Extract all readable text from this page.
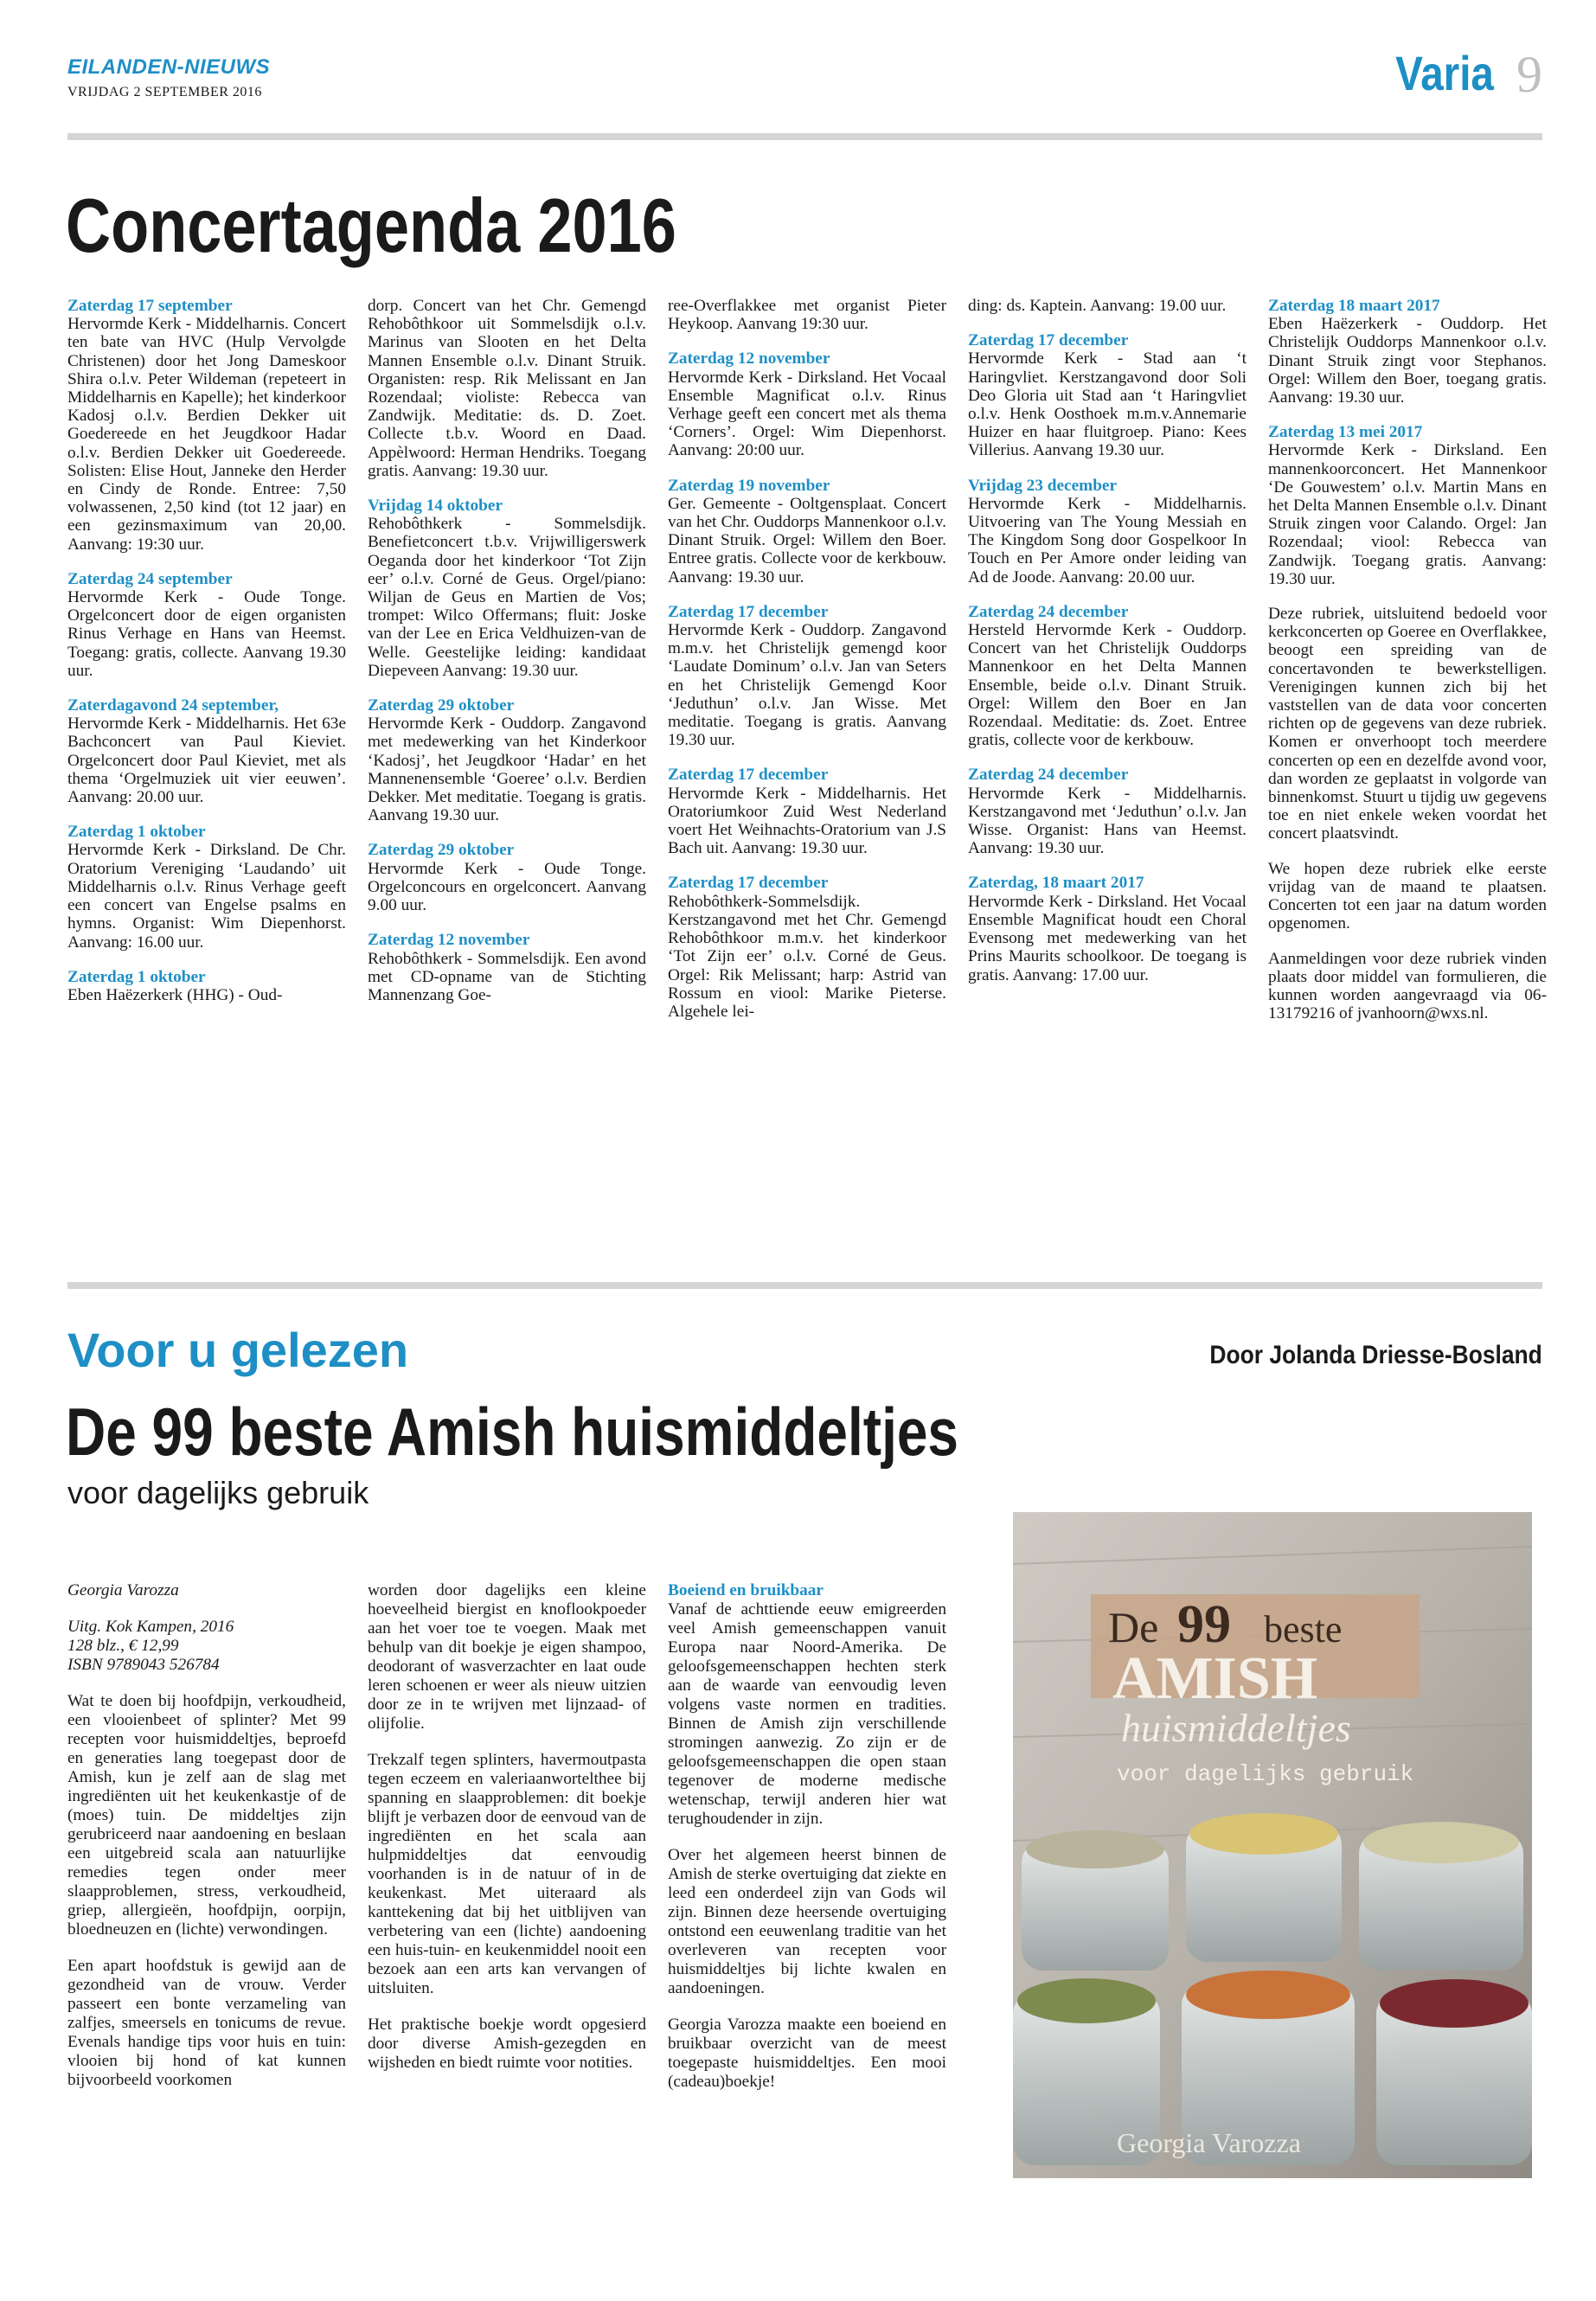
EILANDEN-NIEUWS
VRIJDAG 2 SEPTEMBER 2016	Varia 9
Concertagenda 2016

Zaterdag 17 september
Hervormde Kerk - Middelharnis. Concert ten bate van HVC (Hulp Vervolgde Christenen) door het Jong Dameskoor Shira o.l.v. Peter Wildeman (repeteert in Middelharnis en Kapelle); het kinderkoor Kadosj o.l.v. Berdien Dekker uit Goedereede en het Jeugdkoor Hadar o.l.v. Berdien Dekker uit Goedereede. Solisten: Elise Hout, Janneke den Herder en Cindy de Ronde. Entree: 7,50 volwassenen, 2,50 kind (tot 12 jaar) en een gezinsmaximum van 20,00. Aanvang: 19:30 uur.

Zaterdag 24 september
Hervormde Kerk - Oude Tonge. Orgelconcert door de eigen organisten Rinus Verhage en Hans van Heemst. Toegang: gratis, collecte. Aanvang 19.30 uur.

Zaterdagavond 24 september,
Hervormde Kerk - Middelharnis. Het 63e Bachconcert van Paul Kieviet. Orgelconcert door Paul Kieviet, met als thema ‘Orgelmuziek uit vier eeuwen’. Aanvang: 20.00 uur.

Zaterdag 1 oktober
Hervormde Kerk - Dirksland. De Chr. Oratorium Vereniging ‘Laudando’ uit Middelharnis o.l.v. Rinus Verhage geeft een concert van Engelse psalms en hymns. Organist: Wim Diepenhorst. Aanvang: 16.00 uur.

Zaterdag 1 oktober
Eben Haëzerkerk (HHG) - Oud-

dorp. Concert van het Chr. Gemengd Rehobôthkoor uit Sommelsdijk o.l.v. Marinus van Slooten en het Delta Mannen Ensemble o.l.v. Dinant Struik. Organisten: resp. Rik Melissant en Jan Rozendaal; violiste: Rebecca van Zandwijk. Meditatie: ds. D. Zoet. Collecte t.b.v. Woord en Daad. Appèlwoord: Herman Hendriks. Toegang gratis. Aanvang: 19.30 uur.

Vrijdag 14 oktober
Rehobôthkerk - Sommelsdijk. Benefietconcert t.b.v. Vrijwilligerswerk Oeganda door het kinderkoor ‘Tot Zijn eer’ o.l.v. Corné de Geus. Orgel/piano: Wiljan de Geus en Martien de Vos; trompet: Wilco Offermans; fluit: Joske van der Lee en Erica Veldhuizen-van de Welle. Geestelijke leiding: kandidaat Diepeveen Aanvang: 19.30 uur.

Zaterdag 29 oktober
Hervormde Kerk - Ouddorp. Zangavond met medewerking van het Kinderkoor ‘Kadosj’, het Jeugdkoor ‘Hadar’ en het Mannenensemble ‘Goeree’ o.l.v. Berdien Dekker. Met meditatie. Toegang is gratis. Aanvang 19.30 uur.

Zaterdag 29 oktober
Hervormde Kerk - Oude Tonge. Orgelconcours en orgelconcert. Aanvang 9.00 uur.

Zaterdag 12 november
Rehobôthkerk - Sommelsdijk. Een avond met CD-opname van de Stichting Mannenzang Goe-

ree-Overflakkee met organist Pieter Heykoop. Aanvang 19:30 uur.

Zaterdag 12 november
Hervormde Kerk - Dirksland. Het Vocaal Ensemble Magnificat o.l.v. Rinus Verhage geeft een concert met als thema ‘Corners’. Orgel: Wim Diepenhorst. Aanvang: 20:00 uur.

Zaterdag 19 november
Ger. Gemeente - Ooltgensplaat. Concert van het Chr. Ouddorps Mannenkoor o.l.v. Dinant Struik. Orgel: Willem den Boer. Entree gratis. Collecte voor de kerkbouw. Aanvang: 19.30 uur.

Zaterdag 17 december
Hervormde Kerk - Ouddorp. Zangavond m.m.v. het Christelijk gemengd koor ‘Laudate Dominum’ o.l.v. Jan van Seters en het Christelijk Gemengd Koor ‘Jeduthun’ o.l.v. Jan Wisse. Met meditatie. Toegang is gratis. Aanvang 19.30 uur.

Zaterdag 17 december
Hervormde Kerk - Middelharnis. Het Oratoriumkoor Zuid West Nederland voert Het Weihnachts-Oratorium van J.S Bach uit. Aanvang: 19.30 uur.

Zaterdag 17 december
Rehobôthkerk-Sommelsdijk. Kerstzangavond met het Chr. Gemengd Rehobôthkoor m.m.v. het kinderkoor ‘Tot Zijn eer’ o.l.v. Corné de Geus. Orgel: Rik Melissant; harp: Astrid van Rossum en viool: Marike Pieterse. Algehele lei-

ding: ds. Kaptein. Aanvang: 19.00 uur.

Zaterdag 17 december
Hervormde Kerk - Stad aan ‘t Haringvliet. Kerstzangavond door Soli Deo Gloria uit Stad aan ‘t Haringvliet o.l.v. Henk Oosthoek m.m.v.Annemarie Huizer en haar fluitgroep. Piano: Kees Villerius. Aanvang 19.30 uur.

Vrijdag 23 december
Hervormde Kerk - Middelharnis. Uitvoering van The Young Messiah en The Kingdom Song door Gospelkoor In Touch en Per Amore onder leiding van Ad de Joode. Aanvang: 20.00 uur.

Zaterdag 24 december
Hersteld Hervormde Kerk - Ouddorp. Concert van het Christelijk Ouddorps Mannenkoor en het Delta Mannen Ensemble, beide o.l.v. Dinant Struik. Orgel: Willem den Boer en Jan Rozendaal. Meditatie: ds. Zoet. Entree gratis, collecte voor de kerkbouw.

Zaterdag 24 december
Hervormde Kerk - Middelharnis. Kerstzangavond met ‘Jeduthun’ o.l.v. Jan Wisse. Organist: Hans van Heemst. Aanvang: 19.30 uur.

Zaterdag, 18 maart 2017
Hervormde Kerk - Dirksland. Het Vocaal Ensemble Magnificat houdt een Choral Evensong met medewerking van het Prins Maurits schoolkoor. De toegang is gratis. Aanvang: 17.00 uur.

Zaterdag 18 maart 2017
Eben Haëzerkerk - Ouddorp. Het Christelijk Ouddorps Mannenkoor o.l.v. Dinant Struik zingt voor Stephanos. Orgel: Willem den Boer, toegang gratis. Aanvang: 19.30 uur.

Zaterdag 13 mei 2017
Hervormde Kerk - Dirksland. Een mannenkoorconcert. Het Mannenkoor ‘De Gouwestem’ o.l.v. Martin Mans en het Delta Mannen Ensemble o.l.v. Dinant Struik zingen voor Calando. Orgel: Jan Rozendaal; viool: Rebecca van Zandwijk. Toegang gratis. Aanvang: 19.30 uur.

Deze rubriek, uitsluitend bedoeld voor kerkconcerten op Goeree en Overflakkee, beoogt een spreiding van de concertavonden te bewerkstelligen. Verenigingen kunnen zich bij het vaststellen van de data voor concerten richten op de gegevens van deze rubriek. Komen er onverhoopt toch meerdere concerten op een en dezelfde avond voor, dan worden ze geplaatst in volgorde van binnenkomst. Stuurt u tijdig uw gegevens toe en niet enkele weken voordat het concert plaatsvindt.

We hopen deze rubriek elke eerste vrijdag van de maand te plaatsen. Concerten tot een jaar na datum worden opgenomen.

Aanmeldingen voor deze rubriek vinden plaats door middel van formulieren, die kunnen worden aangevraagd via 06-13179216 of jvanhoorn@wxs.nl.

Voor u gelezen	Door Jolanda Driesse-Bosland
De 99 beste Amish huismiddeltjes
voor dagelijks gebruik

Georgia Varozza

Uitg. Kok Kampen, 2016
128 blz., € 12,99

ISBN 9789043 526784

Wat te doen bij hoofdpijn, verkoudheid, een vlooienbeet of splinter? Met 99 recepten voor huismiddeltjes, beproefd en generaties lang toegepast door de Amish, kun je zelf aan de slag met ingrediënten uit het keukenkastje of de (moes) tuin. De middeltjes zijn gerubriceerd naar aandoening en beslaan een uitgebreid scala aan natuurlijke remedies tegen onder meer slaapproblemen, stress, verkoudheid, griep, allergieën, hoofdpijn, oorpijn, bloedneuzen en (lichte) verwondingen.

Een apart hoofdstuk is gewijd aan de gezondheid van de vrouw. Verder passeert een bonte verzameling van zalfjes, smeersels en tonicums de revue. Evenals handige tips voor huis en tuin: vlooien bij hond of kat kunnen bijvoorbeeld voorkomen

worden door dagelijks een kleine hoeveelheid biergist en knoflookpoeder aan het voer toe te voegen. Maak met behulp van dit boekje je eigen shampoo, deodorant of wasverzachter en laat oude leren schoenen er weer als nieuw uitzien door ze in te wrijven met lijnzaad- of olijfolie.

Trekzalf tegen splinters, havermoutpasta tegen eczeem en valeriaanwortelthee bij spanning en slaapproblemen: dit boekje blijft je verbazen door de eenvoud van de ingrediënten en het scala aan hulpmiddeltjes dat eenvoudig voorhanden is in de natuur of in de keukenkast. Met uiteraard als kanttekening dat bij het uitblijven van verbetering van een (lichte) aandoening een huis-tuin- en keukenmiddel nooit een bezoek aan een arts kan vervangen of uitsluiten.

Het praktische boekje wordt opgesierd door diverse Amish-gezegden en wijsheden en biedt ruimte voor notities.

Boeiend en bruikbaar

Vanaf de achttiende eeuw emigreerden veel Amish gemeenschappen vanuit Europa naar Noord-Amerika. De geloofsgemeenschappen hechten sterk aan de waarde van eenvoudig leven volgens vaste normen en tradities. Binnen de Amish zijn verschillende stromingen aanwezig. Zo zijn er de geloofsgemeenschappen die open staan tegenover de moderne medische wetenschap, terwijl anderen hier wat terughoudender in zijn.

Over het algemeen heerst binnen de Amish de sterke overtuiging dat ziekte en leed een onderdeel zijn van Gods wil zijn. Binnen deze heersende overtuiging ontstond een eeuwenlang traditie van het overleveren van recepten voor huismiddeltjes bij lichte kwalen en aandoeningen.

Georgia Varozza maakte een boeiend en bruikbaar overzicht van de meest toegepaste huismiddeltjes. Een mooi (cadeau)boekje!

De 99 beste
AMISH
huismiddeltjes
voor dagelijks gebruik
Georgia Varozza
